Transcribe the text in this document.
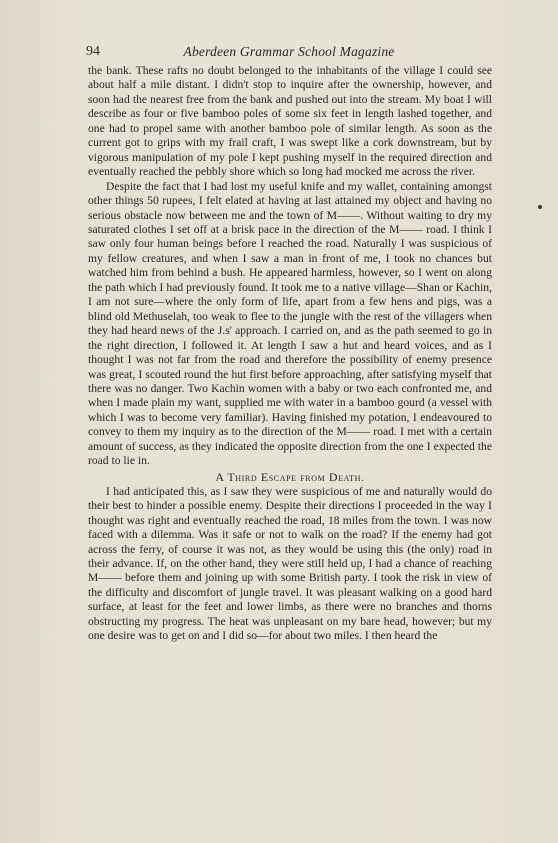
94	Aberdeen Grammar School Magazine

the bank. These rafts no doubt belonged to the inhabitants of the village I could see about half a mile distant. I didn't stop to inquire after the ownership, however, and soon had the nearest free from the bank and pushed out into the stream. My boat I will describe as four or five bamboo poles of some six feet in length lashed together, and one had to propel same with another bamboo pole of similar length. As soon as the current got to grips with my frail craft, I was swept like a cork downstream, but by vigorous manipulation of my pole I kept pushing myself in the required direction and eventually reached the pebbly shore which so long had mocked me across the river.

Despite the fact that I had lost my useful knife and my wallet, containing amongst other things 50 rupees, I felt elated at having at last attained my object and having no serious obstacle now between me and the town of M——. Without waiting to dry my saturated clothes I set off at a brisk pace in the direction of the M—— road. I think I saw only four human beings before I reached the road. Naturally I was suspicious of my fellow creatures, and when I saw a man in front of me, I took no chances but watched him from behind a bush. He appeared harmless, however, so I went on along the path which I had previously found. It took me to a native village—Shan or Kachin, I am not sure—where the only form of life, apart from a few hens and pigs, was a blind old Methuselah, too weak to flee to the jungle with the rest of the villagers when they had heard news of the J.s' approach. I carried on, and as the path seemed to go in the right direction, I followed it. At length I saw a hut and heard voices, and as I thought I was not far from the road and therefore the possibility of enemy presence was great, I scouted round the hut first before approaching, after satisfying myself that there was no danger. Two Kachin women with a baby or two each confronted me, and when I made plain my want, supplied me with water in a bamboo gourd (a vessel with which I was to become very familiar). Having finished my potation, I endeavoured to convey to them my inquiry as to the direction of the M—— road. I met with a certain amount of success, as they indicated the opposite direction from the one I expected the road to lie in.

A Third Escape from Death.

I had anticipated this, as I saw they were suspicious of me and naturally would do their best to hinder a possible enemy. Despite their directions I proceeded in the way I thought was right and eventually reached the road, 18 miles from the town. I was now faced with a dilemma. Was it safe or not to walk on the road? If the enemy had got across the ferry, of course it was not, as they would be using this (the only) road in their advance. If, on the other hand, they were still held up, I had a chance of reaching M—— before them and joining up with some British party. I took the risk in view of the difficulty and discomfort of jungle travel. It was pleasant walking on a good hard surface, at least for the feet and lower limbs, as there were no branches and thorns obstructing my progress. The heat was unpleasant on my bare head, however; but my one desire was to get on and I did so—for about two miles. I then heard the
